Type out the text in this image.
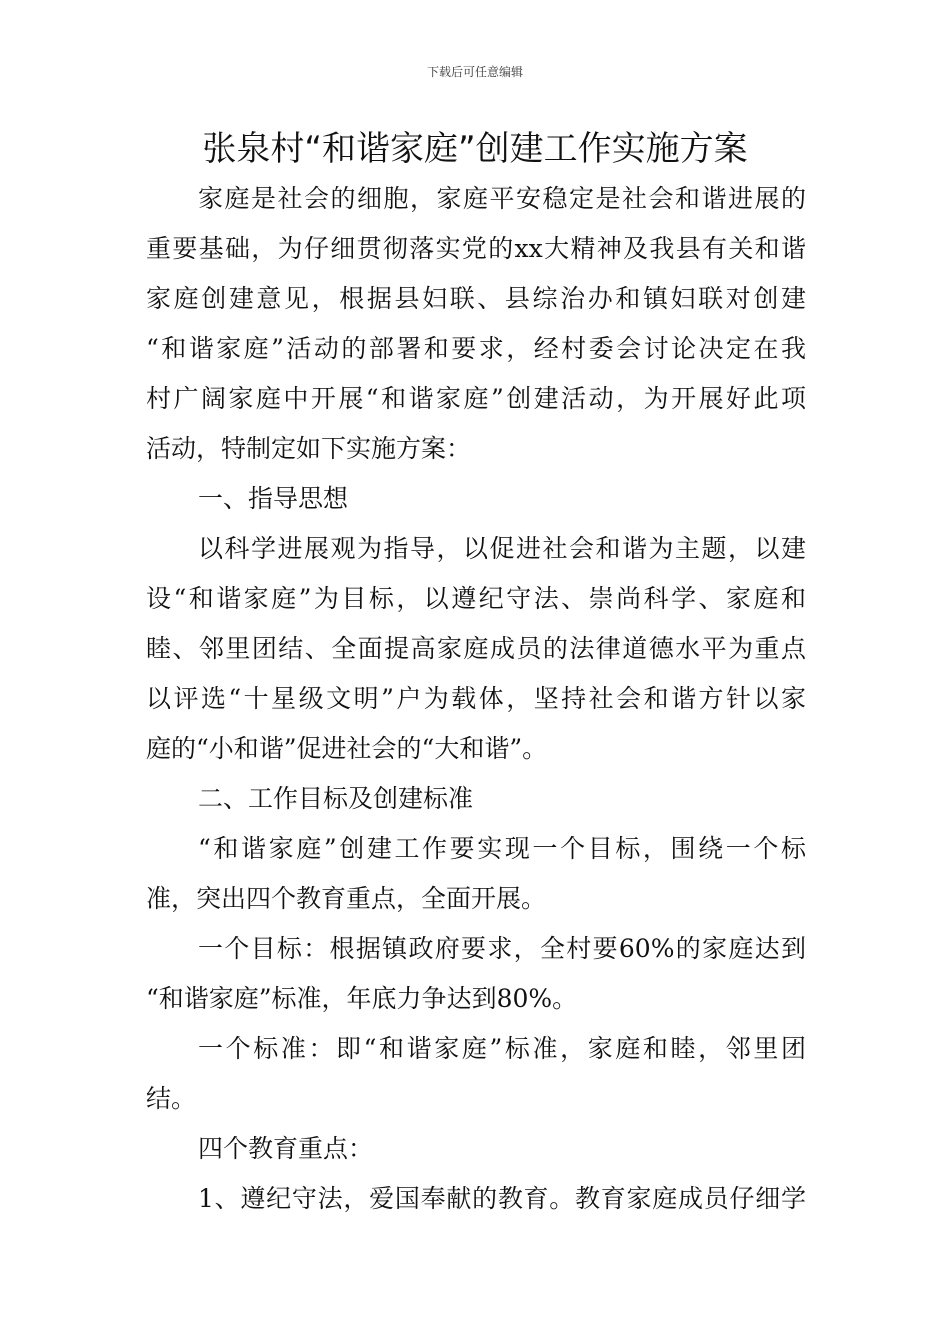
下载后可任意编辑
张泉村“和谐家庭”创建工作实施方案
家庭是社会的细胞，家庭平安稳定是社会和谐进展的
重要基础，为仔细贯彻落实党的xx大精神及我县有关和谐
家庭创建意见，根据县妇联、县综治办和镇妇联对创建
“和谐家庭”活动的部署和要求，经村委会讨论决定在我
村广阔家庭中开展“和谐家庭”创建活动，为开展好此项
活动，特制定如下实施方案：
一、指导思想
以科学进展观为指导，以促进社会和谐为主题，以建
设“和谐家庭”为目标，以遵纪守法、崇尚科学、家庭和
睦、邻里团结、全面提高家庭成员的法律道德水平为重点
以评选“十星级文明”户为载体，坚持社会和谐方针以家
庭的“小和谐”促进社会的“大和谐”。
二、工作目标及创建标准
“和谐家庭”创建工作要实现一个目标，围绕一个标
准，突出四个教育重点，全面开展。
一个目标：根据镇政府要求，全村要60%的家庭达到
“和谐家庭”标准，年底力争达到80%。
一个标准：即“和谐家庭”标准，家庭和睦，邻里团
结。
四个教育重点：
1、遵纪守法，爱国奉献的教育。教育家庭成员仔细学
